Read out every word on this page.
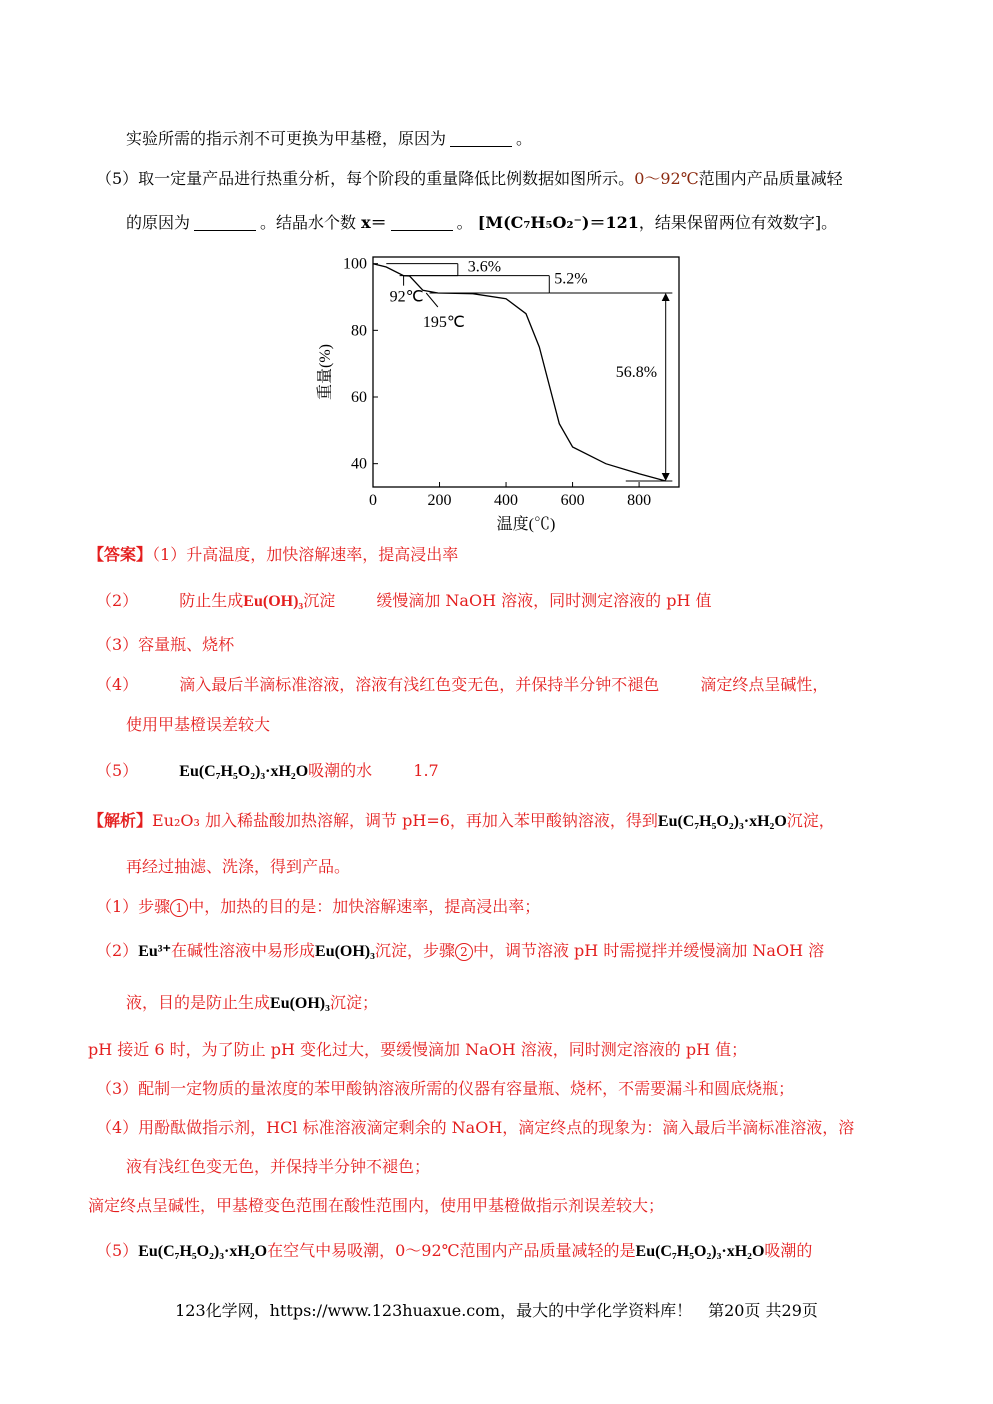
实验所需的指示剂不可更换为甲基橙，原因为	。
（5）取一定量产品进行热重分析，每个阶段的重量降低比例数据如图所示。0～92℃范围内产品质量减轻
的原因为	。结晶水个数 x＝	。 [M(C₇H₅O₂⁻)＝121，结果保留两位有效数字]。
0	200	400	600	800
40
60
80
100
温度(℃)
重量(%)
3.6%
5.2%
92℃
195℃
56.8%
【答案】（1）升高温度，加快溶解速率，提高浸出率
（2）	防止生成Eu(OH)₃沉淀	缓慢滴加 NaOH 溶液，同时测定溶液的 pH 值
（3）容量瓶、烧杯
（4）	滴入最后半滴标准溶液，溶液有浅红色变无色，并保持半分钟不褪色	滴定终点呈碱性，
使用甲基橙误差较大
（5）	Eu(C₇H₅O₂)₃·xH₂O吸潮的水	1.7
【解析】Eu₂O₃ 加入稀盐酸加热溶解，调节 pH=6，再加入苯甲酸钠溶液，得到Eu(C₇H₅O₂)₃·xH₂O沉淀，
再经过抽滤、洗涤，得到产品。
（1）步骤 1 中，加热的目的是：加快溶解速率，提高浸出率；
（2）Eu³⁺在碱性溶液中易形成Eu(OH)₃沉淀，步骤 2 中，调节溶液 pH 时需搅拌并缓慢滴加 NaOH 溶
液，目的是防止生成Eu(OH)₃沉淀；
pH 接近 6 时，为了防止 pH 变化过大，要缓慢滴加 NaOH 溶液，同时测定溶液的 pH 值；
（3）配制一定物质的量浓度的苯甲酸钠溶液所需的仪器有容量瓶、烧杯，不需要漏斗和圆底烧瓶；
（4）用酚酞做指示剂，HCl 标准溶液滴定剩余的 NaOH，滴定终点的现象为：滴入最后半滴标准溶液，溶
液有浅红色变无色，并保持半分钟不褪色；
滴定终点呈碱性，甲基橙变色范围在酸性范围内，使用甲基橙做指示剂误差较大；
（5）Eu(C₇H₅O₂)₃·xH₂O在空气中易吸潮，0～92℃范围内产品质量减轻的是Eu(C₇H₅O₂)₃·xH₂O吸潮的
123化学网，https://www.123huaxue.com，最大的中学化学资料库！　第20页 共29页
